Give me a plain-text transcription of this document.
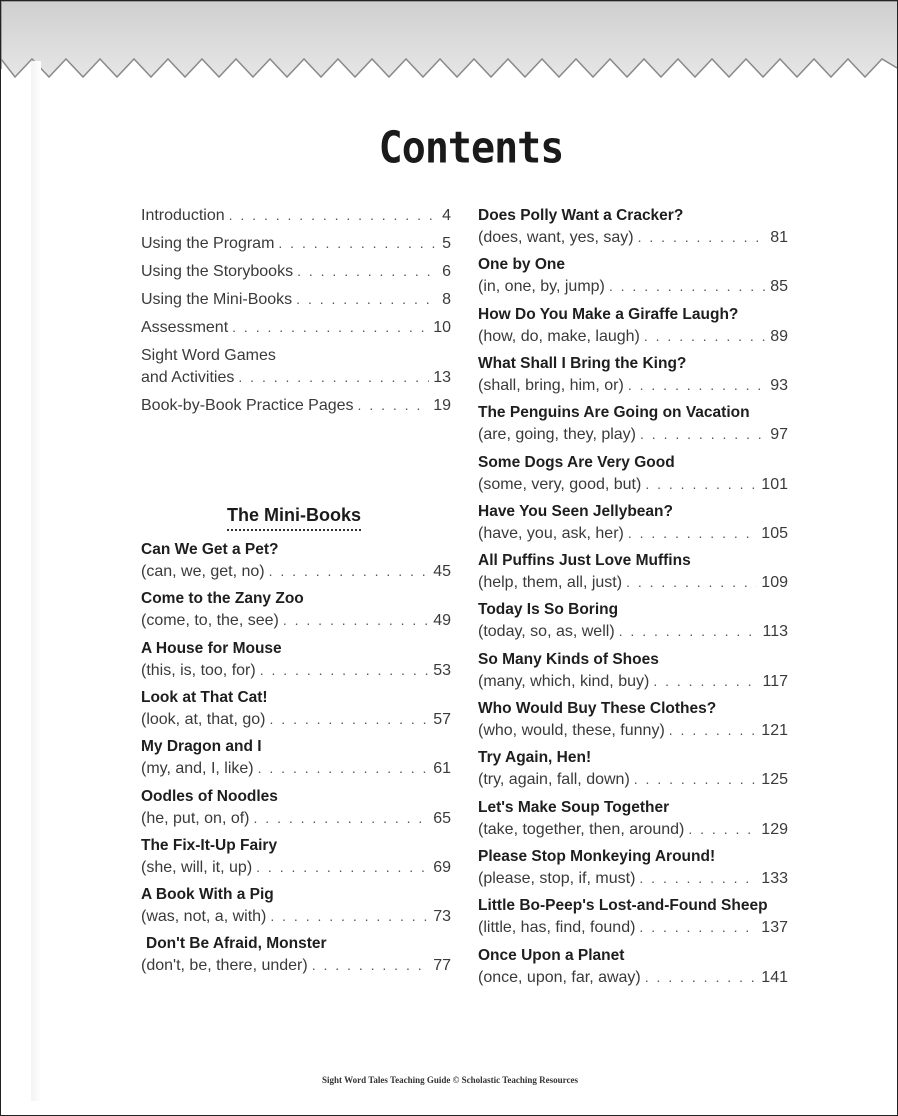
Contents
Introduction . . .	4
Using the Program . . .	5
Using the Storybooks . . .	6
Using the Mini-Books . . .	8
Assessment . . .	10
Sight Word Games
and Activities . . .	13
Book-by-Book Practice Pages . . .	19
Can We Get a Pet?
(can, we, get, no) . . .	45
Come to the Zany Zoo
(come, to, the, see) . . .	49
A House for Mouse
(this, is, too, for) . . .	53
Look at That Cat!
(look, at, that, go) . . .	57
My Dragon and I
(my, and, I, like) . . .	61
Oodles of Noodles
(he, put, on, of) . . .	65
The Fix-It-Up Fairy
(she, will, it, up) . . .	69
A Book With a Pig
(was, not, a, with) . . .	73
Don't Be Afraid, Monster
(don't, be, there, under) . . .	77
Does Polly Want a Cracker?
(does, want, yes, say) . . .	81
One by One
(in, one, by, jump) . . .	85
How Do You Make a Giraffe Laugh?
(how, do, make, laugh) . . .	89
What Shall I Bring the King?
(shall, bring, him, or) . . .	93
The Penguins Are Going on Vacation
(are, going, they, play) . . .	97
Some Dogs Are Very Good
(some, very, good, but) . . .	101
Have You Seen Jellybean?
(have, you, ask, her) . . .	105
All Puffins Just Love Muffins
(help, them, all, just) . . .	109
Today Is So Boring
(today, so, as, well) . . .	113
So Many Kinds of Shoes
(many, which, kind, buy) . . .	117
Who Would Buy These Clothes?
(who, would, these, funny) . . .	121
Try Again, Hen!
(try, again, fall, down) . . .	125
Let's Make Soup Together
(take, together, then, around) . . .	129
Please Stop Monkeying Around!
(please, stop, if, must) . . .	133
Little Bo-Peep's Lost-and-Found Sheep
(little, has, find, found) . . .	137
Once Upon a Planet
(once, upon, far, away) . . .	141
The Mini-Books
Sight Word Tales Teaching Guide © Scholastic Teaching Resources
